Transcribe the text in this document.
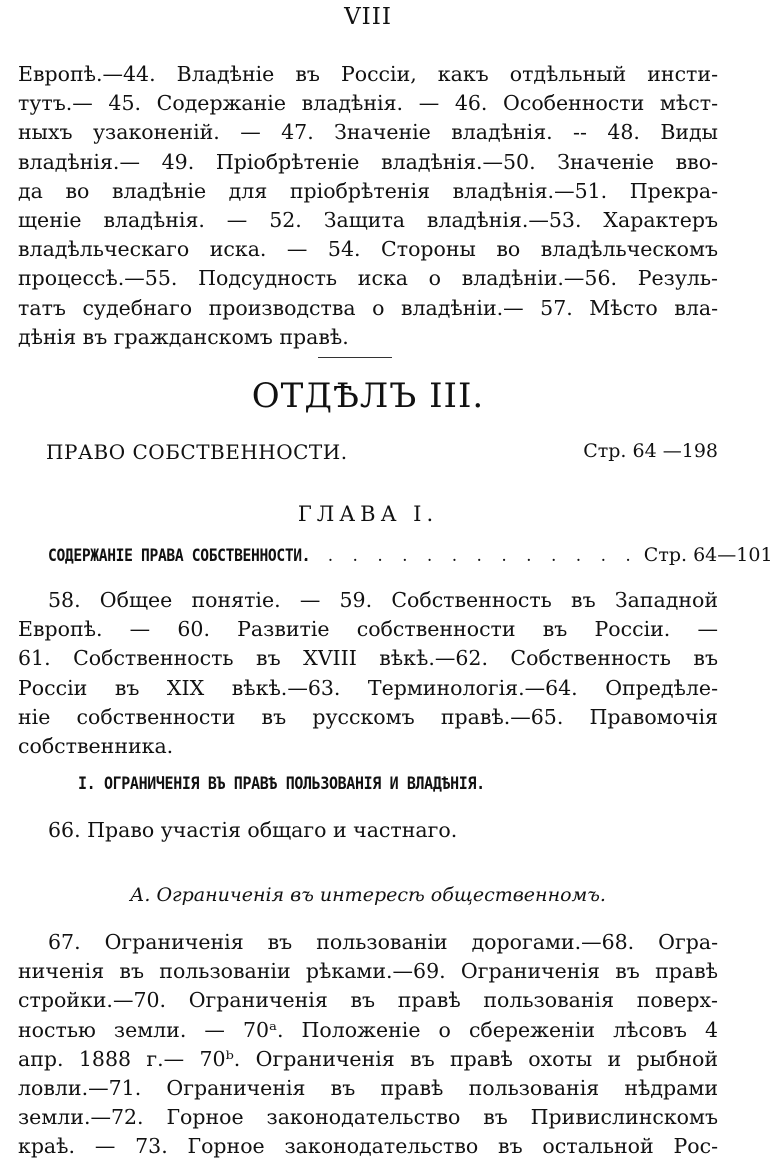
VIII

Европѣ.—44. Владѣніе въ Россіи, какъ отдѣльный инсти-
тутъ.— 45. Содержаніе владѣнія. — 46. Особенности мѣст-
ныхъ узаконеній. — 47. Значеніе владѣнія. -- 48. Виды
владѣнія.— 49. Пріобрѣтеніе владѣнія.—50. Значеніе вво-
да во владѣніе для пріобрѣтенія владѣнія.—51. Прекра-
щеніе владѣнія. — 52. Защита владѣнія.—53. Характеръ
владѣльческаго иска. — 54. Стороны во владѣльческомъ
процессѣ.—55. Подсудность иска о владѣніи.—56. Резуль-
татъ судебнаго производства о владѣніи.— 57. Мѣсто вла-
дѣнія въ гражданскомъ правѣ.

ОТДѢЛЪ III.
ПРАВО СОБСТВЕННОСТИ.	Стр. 64 —198
ГЛАВА I.
СОДЕРЖАНІЕ ПРАВА СОБСТВЕННОСТИ.
. . . . . . . . . . . . . . Стр. 64—101

58. Общее понятіе. — 59. Собственность въ Западной
Европѣ. — 60. Развитіе собственности въ Россіи. —
61. Собственность въ XVIII вѣкѣ.—62. Собственность въ
Россіи въ XIX вѣкѣ.—63. Терминологія.—64. Опредѣле-
ніе собственности въ русскомъ правѣ.—65. Правомочія
собственника.

I. ОГРАНИЧЕНІЯ ВЪ ПРАВѢ ПОЛЬЗОВАНІЯ И ВЛАДѢНІЯ.

66. Право участія общаго и частнаго.

А. Ограниченія въ интересѣ общественномъ.

67. Ограниченія въ пользованіи дорогами.—68. Огра-
ниченія въ пользованіи рѣками.—69. Ограниченія въ правѣ
стройки.—70. Ограниченія въ правѣ пользованія поверх-
ностью земли. — 70ᵃ. Положеніе о сбереженіи лѣсовъ 4
апр. 1888 г.— 70ᵇ. Ограниченія въ правѣ охоты и рыбной
ловли.—71. Ограниченія въ правѣ пользованія нѣдрами
земли.—72. Горное законодательство въ Привислинскомъ
краѣ. — 73. Горное законодательство въ остальной Рос-
